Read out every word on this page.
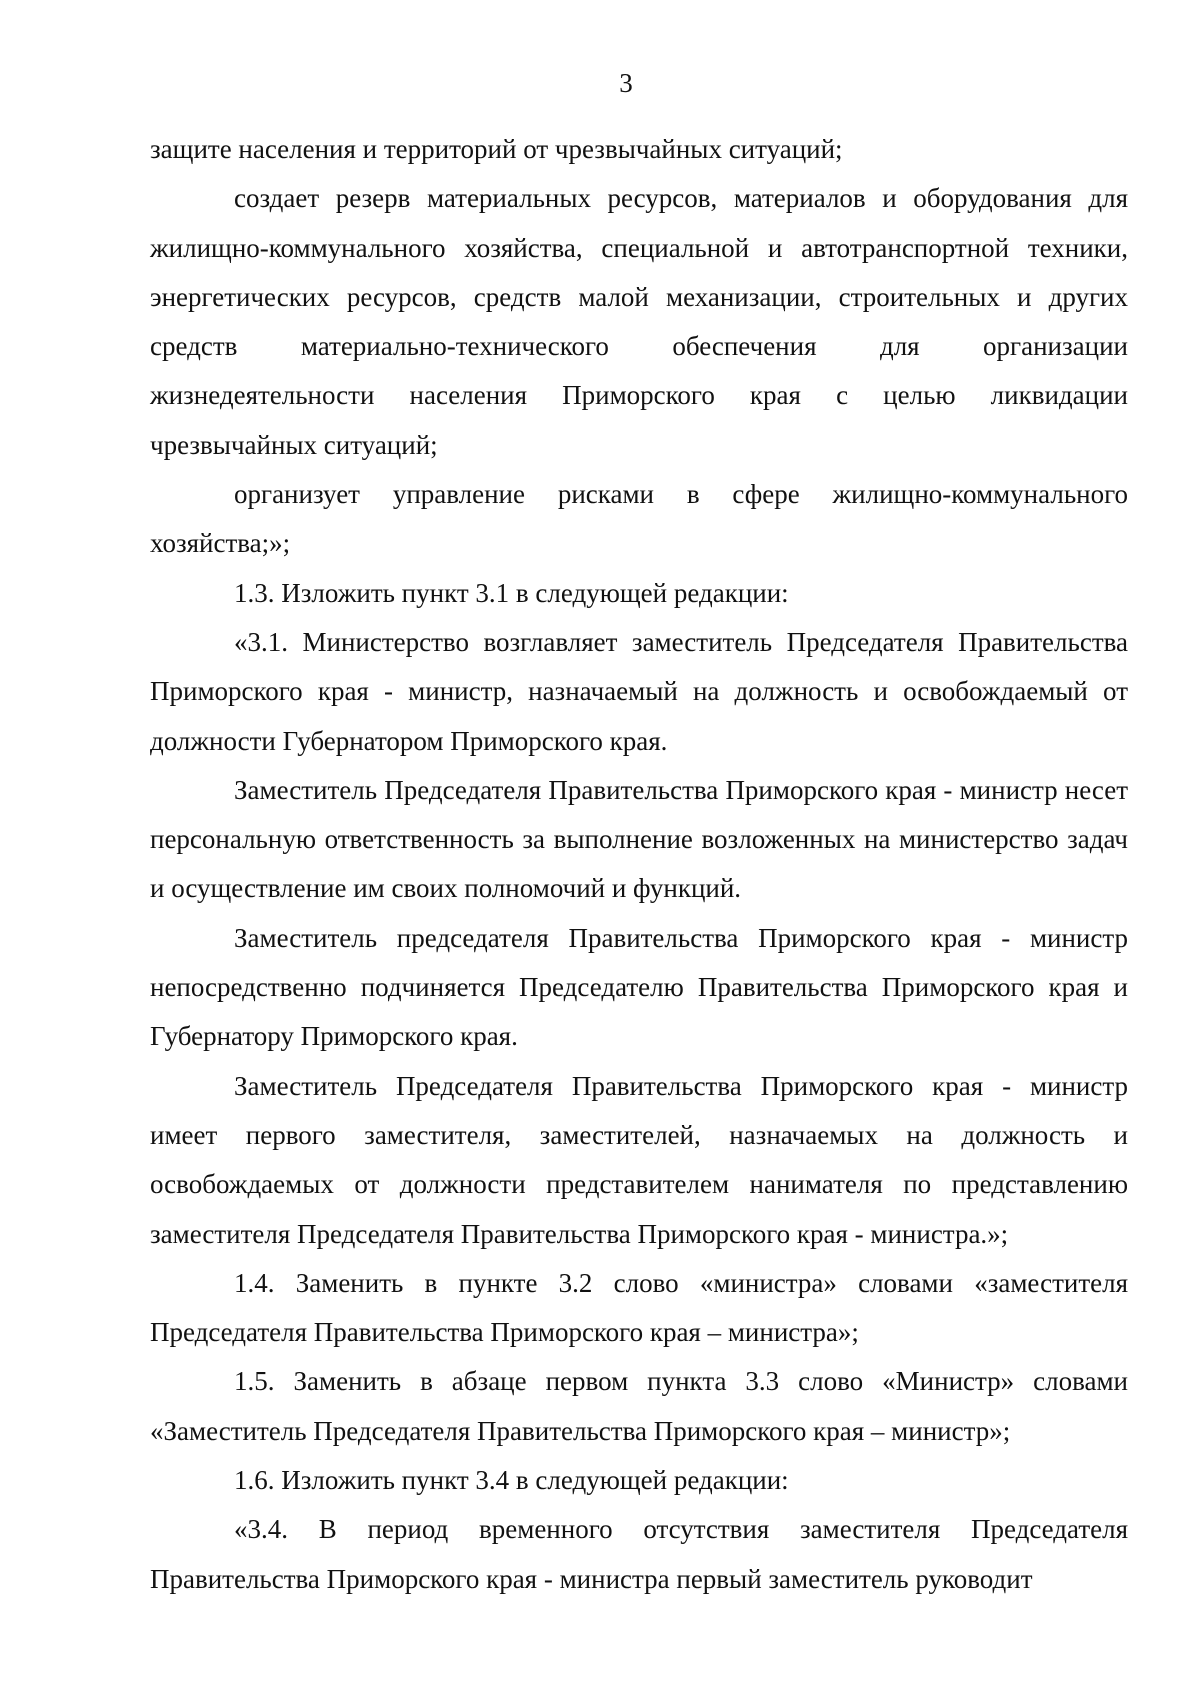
3

защите населения и территорий от чрезвычайных ситуаций;

создает резерв материальных ресурсов, материалов и оборудования для жилищно-коммунального хозяйства, специальной и автотранспортной техники, энергетических ресурсов, средств малой механизации, строительных и других средств материально-технического обеспечения для организации жизнедеятельности населения Приморского края с целью ликвидации чрезвычайных ситуаций;

организует управление рисками в сфере жилищно-коммунального хозяйства;»;

1.3. Изложить пункт 3.1 в следующей редакции:

«3.1. Министерство возглавляет заместитель Председателя Правительства Приморского края - министр, назначаемый на должность и освобождаемый от должности Губернатором Приморского края.

Заместитель Председателя Правительства Приморского края - министр несет персональную ответственность за выполнение возложенных на министерство задач и осуществление им своих полномочий и функций.

Заместитель председателя Правительства Приморского края - министр непосредственно подчиняется Председателю Правительства Приморского края и Губернатору Приморского края.

Заместитель Председателя Правительства Приморского края - министр имеет первого заместителя, заместителей, назначаемых на должность и освобождаемых от должности представителем нанимателя по представлению заместителя Председателя Правительства Приморского края - министра.»;

1.4. Заменить в пункте 3.2 слово «министра» словами «заместителя Председателя Правительства Приморского края – министра»;

1.5. Заменить в абзаце первом пункта 3.3 слово «Министр» словами «Заместитель Председателя Правительства Приморского края – министр»;

1.6. Изложить пункт 3.4 в следующей редакции:

«3.4. В период временного отсутствия заместителя Председателя Правительства Приморского края - министра первый заместитель руководит
